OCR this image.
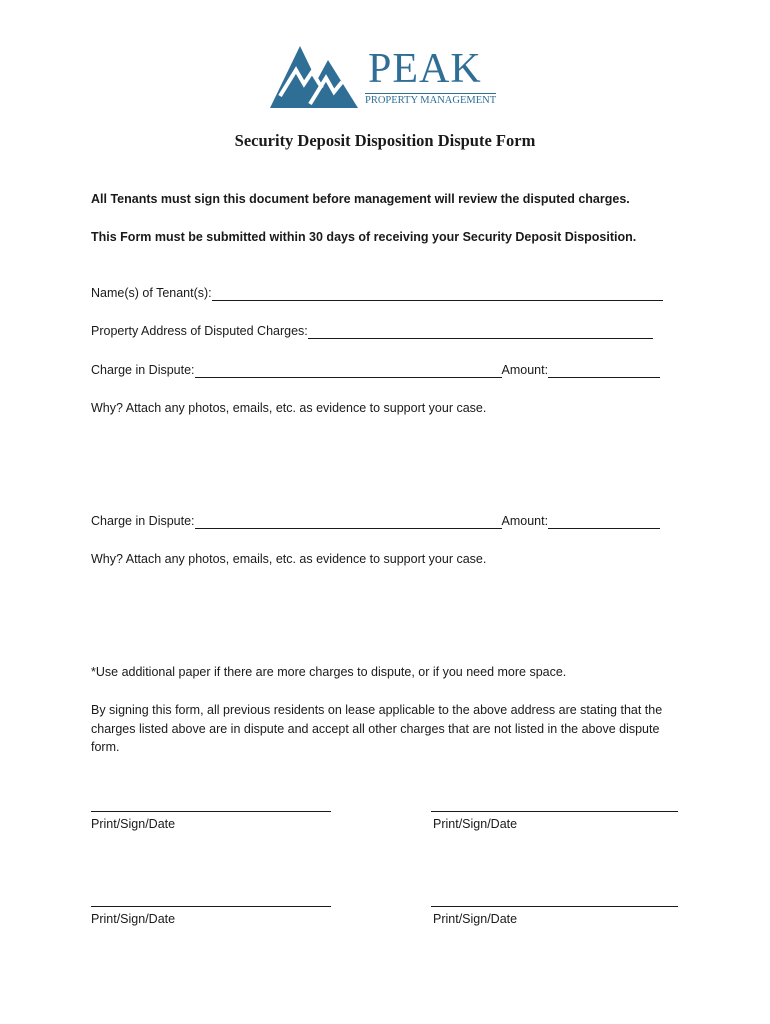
PEAK
PROPERTY MANAGEMENT
Security Deposit Disposition Dispute Form
All Tenants must sign this document before management will review the disputed charges.
This Form must be submitted within 30 days of receiving your Security Deposit Disposition.
Name(s) of Tenant(s):
Property Address of Disputed Charges:
Charge in Dispute:	Amount:
Why? Attach any photos, emails, etc. as evidence to support your case.
Charge in Dispute:	Amount:
Why? Attach any photos, emails, etc. as evidence to support your case.
*Use additional paper if there are more charges to dispute, or if you need more space.
By signing this form, all previous residents on lease applicable to the above address are stating that the charges listed above are in dispute and accept all other charges that are not listed in the above dispute form.
Print/Sign/Date	Print/Sign/Date
Print/Sign/Date	Print/Sign/Date
